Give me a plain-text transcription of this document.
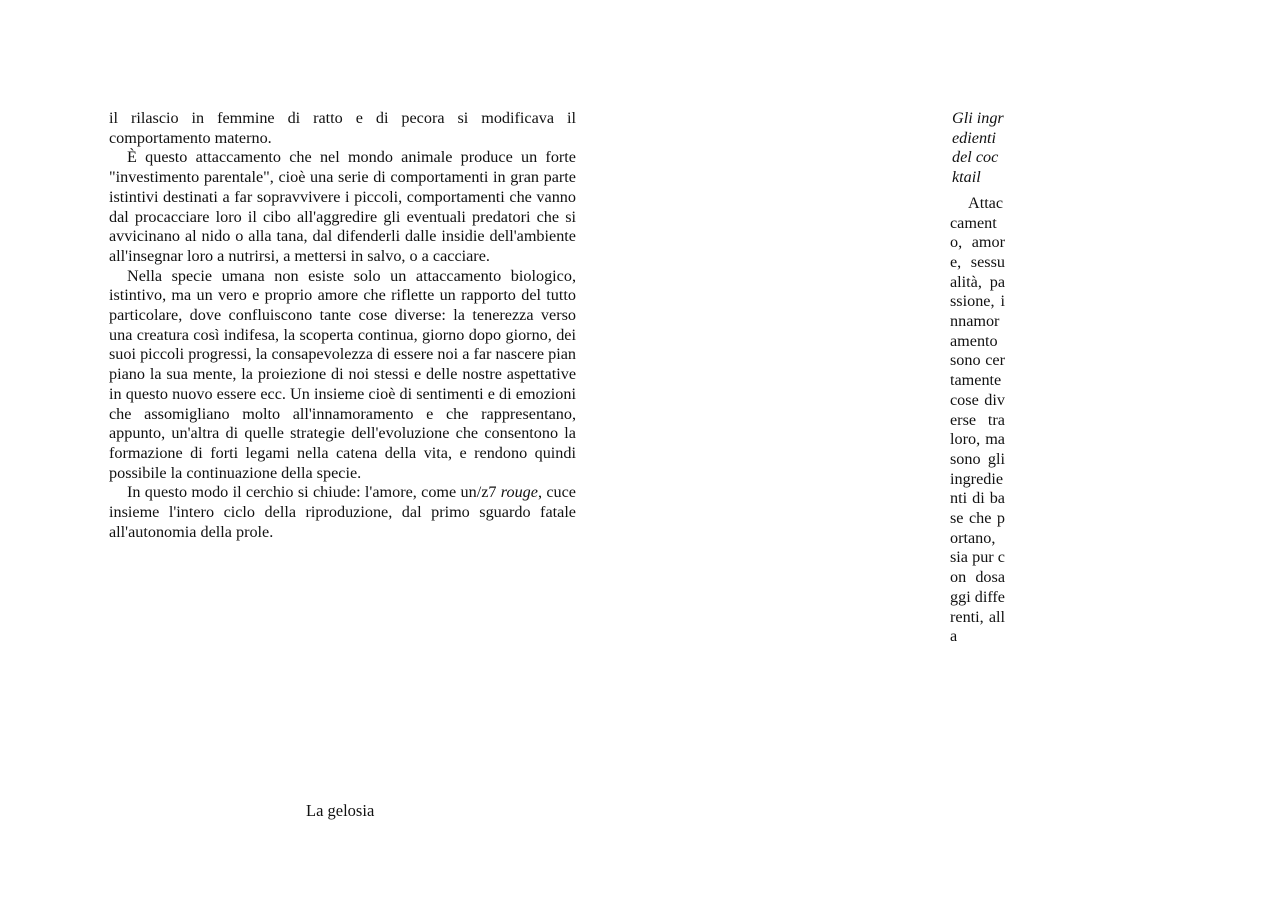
il rilascio in femmine di ratto e di pecora si modificava il comportamento materno.

È questo attaccamento che nel mondo animale produce un forte "investimento parentale", cioè una serie di comportamenti in gran parte istintivi destinati a far sopravvivere i piccoli, comportamenti che vanno dal procacciare loro il cibo all'aggredire gli eventuali predatori che si avvicinano al nido o alla tana, dal difenderli dalle insidie dell'ambiente all'insegnar loro a nutrirsi, a mettersi in salvo, o a cacciare.

Nella specie umana non esiste solo un attaccamento biologico, istintivo, ma un vero e proprio amore che riflette un rapporto del tutto particolare, dove confluiscono tante cose diverse: la tenerezza verso una creatura così indifesa, la scoperta continua, giorno dopo giorno, dei suoi piccoli progressi, la consapevolezza di essere noi a far nascere pian piano la sua mente, la proiezione di noi stessi e delle nostre aspettative in questo nuovo essere ecc. Un insieme cioè di sentimenti e di emozioni che assomigliano molto all'innamoramento e che rappresentano, appunto, un'altra di quelle strategie dell'evoluzione che consentono la formazione di forti legami nella catena della vita, e rendono quindi possibile la continuazione della specie.

In questo modo il cerchio si chiude: l'amore, come un/z7 rouge, cuce insieme l'intero ciclo della riproduzione, dal primo sguardo fatale all'autonomia della prole.

La gelosia

Gli ingredienti del cocktail

Attaccamento, amore, sessualità, passione, innamoramento sono certamente cose diverse tra loro, ma sono gli ingredienti di base che portano, sia pur con dosaggi differenti, alla
